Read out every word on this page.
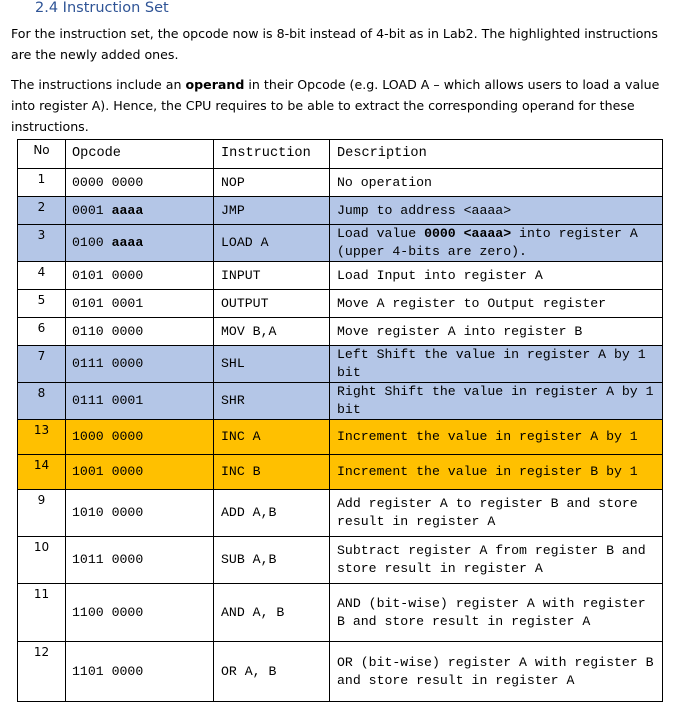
2.4 Instruction Set
For the instruction set, the opcode now is 8-bit instead of 4-bit as in Lab2. The highlighted instructions are the newly added ones.
The instructions include an operand in their Opcode (e.g. LOAD A – which allows users to load a value into register A). Hence, the CPU requires to be able to extract the corresponding operand for these instructions.
No	Opcode	Instruction	Description
1	0000 0000	NOP	No operation
2	0001 aaaa	JMP	Jump to address <aaaa>
3	0100 aaaa	LOAD A	Load value 0000 <aaaa> into register A (upper 4-bits are zero).
4	0101 0000	INPUT	Load Input into register A
5	0101 0001	OUTPUT	Move A register to Output register
6	0110 0000	MOV B,A	Move register A into register B
7	0111 0000	SHL	Left Shift the value in register A by 1 bit
8	0111 0001	SHR	Right Shift the value in register A by 1 bit
13	1000 0000	INC A	Increment the value in register A by 1
14	1001 0000	INC B	Increment the value in register B by 1
9	1010 0000	ADD A,B	Add register A to register B and store result in register A
10	1011 0000	SUB A,B	Subtract register A from register B and store result in register A
11	1100 0000	AND A, B	AND (bit-wise) register A with register B and store result in register A
12	1101 0000	OR A, B	OR (bit-wise) register A with register B and store result in register A
